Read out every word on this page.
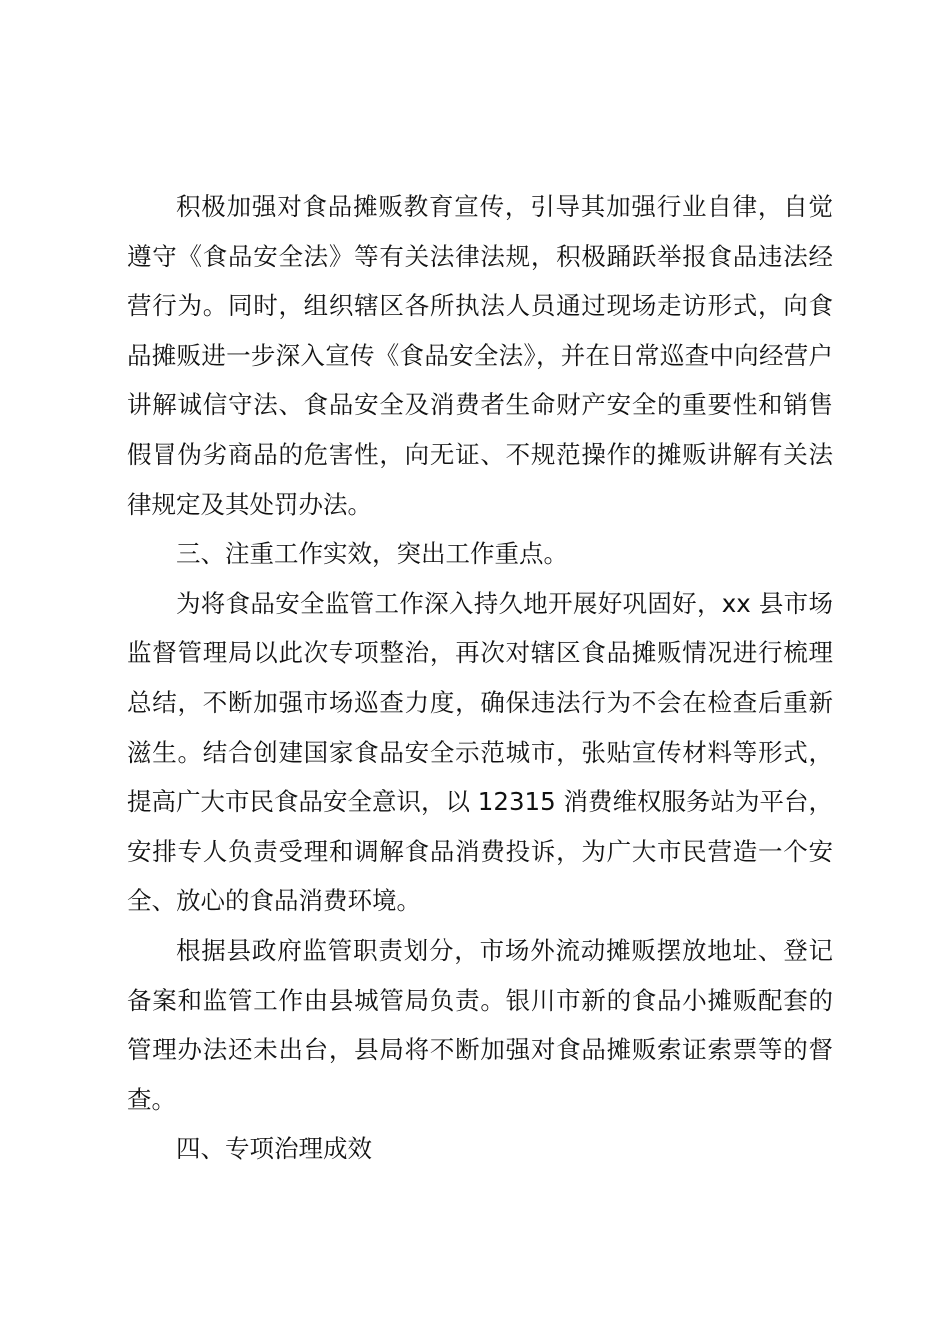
积极加强对食品摊贩教育宣传，引导其加强行业自律，自觉遵守《食品安全法》等有关法律法规，积极踊跃举报食品违法经营行为。同时，组织辖区各所执法人员通过现场走访形式，向食品摊贩进一步深入宣传《食品安全法》，并在日常巡查中向经营户讲解诚信守法、食品安全及消费者生命财产安全的重要性和销售假冒伪劣商品的危害性，向无证、不规范操作的摊贩讲解有关法律规定及其处罚办法。

三、注重工作实效，突出工作重点。

为将食品安全监管工作深入持久地开展好巩固好，xx 县市场监督管理局以此次专项整治，再次对辖区食品摊贩情况进行梳理总结，不断加强市场巡查力度，确保违法行为不会在检查后重新滋生。结合创建国家食品安全示范城市，张贴宣传材料等形式，提高广大市民食品安全意识，以 12315 消费维权服务站为平台，安排专人负责受理和调解食品消费投诉，为广大市民营造一个安全、放心的食品消费环境。

根据县政府监管职责划分，市场外流动摊贩摆放地址、登记备案和监管工作由县城管局负责。银川市新的食品小摊贩配套的管理办法还未出台，县局将不断加强对食品摊贩索证索票等的督查。

四、专项治理成效
